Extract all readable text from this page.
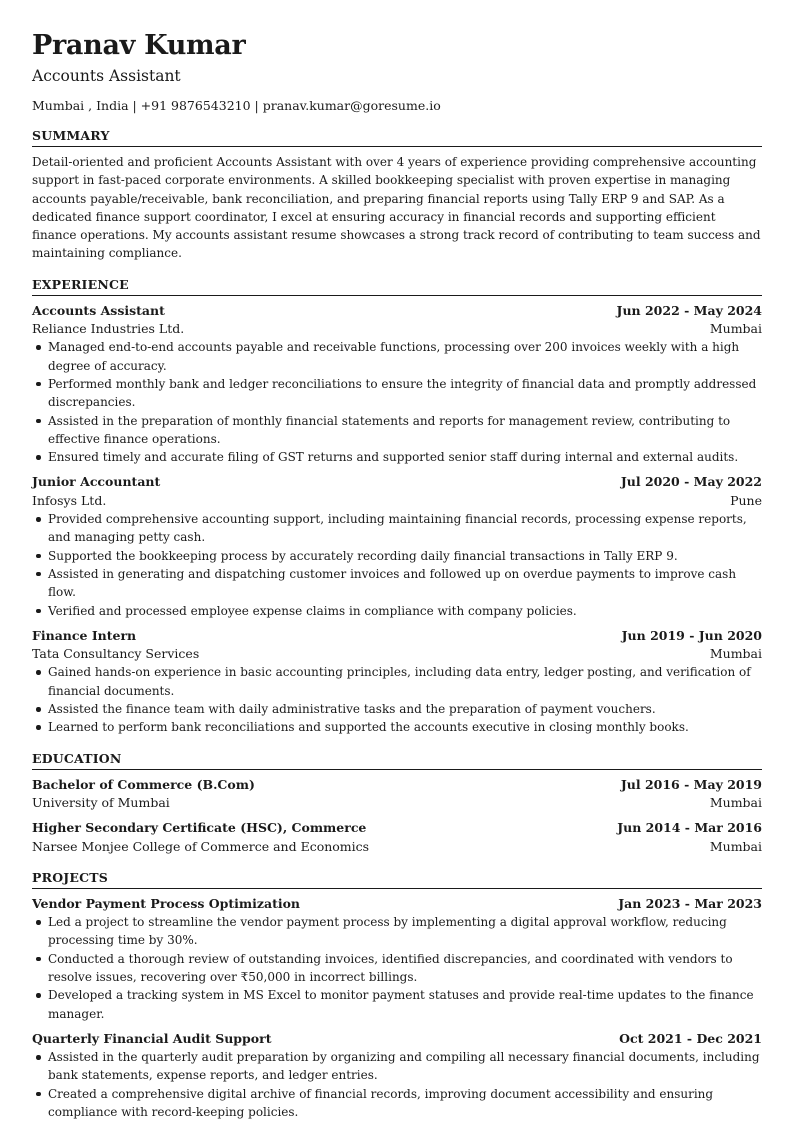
Pranav Kumar
Accounts Assistant
Mumbai , India | +91 9876543210 | pranav.kumar@goresume.io
SUMMARY
Detail-oriented and proficient Accounts Assistant with over 4 years of experience providing comprehensive accounting support in fast-paced corporate environments. A skilled bookkeeping specialist with proven expertise in managing accounts payable/receivable, bank reconciliation, and preparing financial reports using Tally ERP 9 and SAP. As a dedicated finance support coordinator, I excel at ensuring accuracy in financial records and supporting efficient finance operations. My accounts assistant resume showcases a strong track record of contributing to team success and maintaining compliance.
EXPERIENCE
Accounts Assistant	Jun 2022 - May 2024
Reliance Industries Ltd.	Mumbai
Managed end-to-end accounts payable and receivable functions, processing over 200 invoices weekly with a high degree of accuracy.
Performed monthly bank and ledger reconciliations to ensure the integrity of financial data and promptly addressed discrepancies.
Assisted in the preparation of monthly financial statements and reports for management review, contributing to effective finance operations.
Ensured timely and accurate filing of GST returns and supported senior staff during internal and external audits.
Junior Accountant	Jul 2020 - May 2022
Infosys Ltd.	Pune
Provided comprehensive accounting support, including maintaining financial records, processing expense reports, and managing petty cash.
Supported the bookkeeping process by accurately recording daily financial transactions in Tally ERP 9.
Assisted in generating and dispatching customer invoices and followed up on overdue payments to improve cash flow.
Verified and processed employee expense claims in compliance with company policies.
Finance Intern	Jun 2019 - Jun 2020
Tata Consultancy Services	Mumbai
Gained hands-on experience in basic accounting principles, including data entry, ledger posting, and verification of financial documents.
Assisted the finance team with daily administrative tasks and the preparation of payment vouchers.
Learned to perform bank reconciliations and supported the accounts executive in closing monthly books.
EDUCATION
Bachelor of Commerce (B.Com)	Jul 2016 - May 2019
University of Mumbai	Mumbai
Higher Secondary Certificate (HSC), Commerce	Jun 2014 - Mar 2016
Narsee Monjee College of Commerce and Economics	Mumbai
PROJECTS
Vendor Payment Process Optimization	Jan 2023 - Mar 2023
Led a project to streamline the vendor payment process by implementing a digital approval workflow, reducing processing time by 30%.
Conducted a thorough review of outstanding invoices, identified discrepancies, and coordinated with vendors to resolve issues, recovering over ₹50,000 in incorrect billings.
Developed a tracking system in MS Excel to monitor payment statuses and provide real-time updates to the finance manager.
Quarterly Financial Audit Support	Oct 2021 - Dec 2021
Assisted in the quarterly audit preparation by organizing and compiling all necessary financial documents, including bank statements, expense reports, and ledger entries.
Created a comprehensive digital archive of financial records, improving document accessibility and ensuring compliance with record-keeping policies.
